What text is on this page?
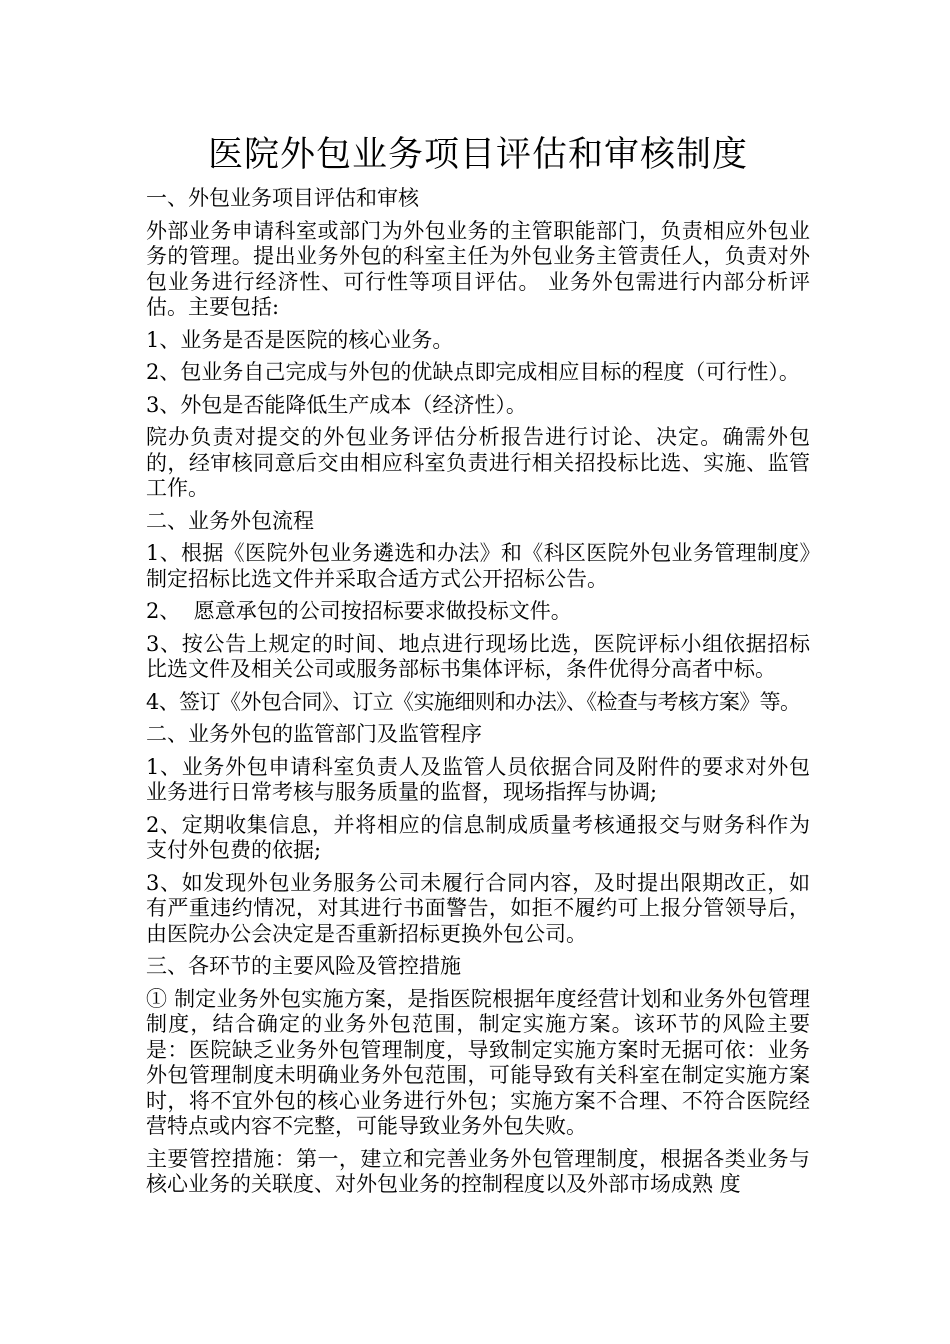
医院外包业务项目评估和审核制度

一、外包业务项目评估和审核

外部业务申请科室或部门为外包业务的主管职能部门，负责相应外包业务的管理。提出业务外包的科室主任为外包业务主管责任人，负责对外包业务进行经济性、可行性等项目评估。 业务外包需进行内部分析评估。主要包括:

1、业务是否是医院的核心业务。

2、包业务自己完成与外包的优缺点即完成相应目标的程度（可行性）。

3、外包是否能降低生产成本（经济性）。

院办负责对提交的外包业务评估分析报告进行讨论、决定。确需外包的，经审核同意后交由相应科室负责进行相关招投标比选、实施、监管工作。

二、业务外包流程

1、根据《医院外包业务遴选和办法》和《科区医院外包业务管理制度》制定招标比选文件并采取合适方式公开招标公告。

2、  愿意承包的公司按招标要求做投标文件。

3、按公告上规定的时间、地点进行现场比选，医院评标小组依据招标比选文件及相关公司或服务部标书集体评标，条件优得分高者中标。

4、签订《外包合同》、订立《实施细则和办法》、《检查与考核方案》等。

二、业务外包的监管部门及监管程序

1、业务外包申请科室负责人及监管人员依据合同及附件的要求对外包业务进行日常考核与服务质量的监督，现场指挥与协调;

2、定期收集信息，并将相应的信息制成质量考核通报交与财务科作为支付外包费的依据;

3、如发现外包业务服务公司未履行合同内容，及时提出限期改正，如有严重违约情况，对其进行书面警告，如拒不履约可上报分管领导后，由医院办公会决定是否重新招标更换外包公司。

三、各环节的主要风险及管控措施

① 制定业务外包实施方案，是指医院根据年度经营计划和业务外包管理制度，结合确定的业务外包范围，制定实施方案。该环节的风险主要是：医院缺乏业务外包管理制度，导致制定实施方案时无据可依：业务外包管理制度未明确业务外包范围，可能导致有关科室在制定实施方案时，将不宜外包的核心业务进行外包；实施方案不合理、不符合医院经营特点或内容不完整，可能导致业务外包失败。

主要管控措施：第一，建立和完善业务外包管理制度，根据各类业务与核心业务的关联度、对外包业务的控制程度以及外部市场成熟 度
